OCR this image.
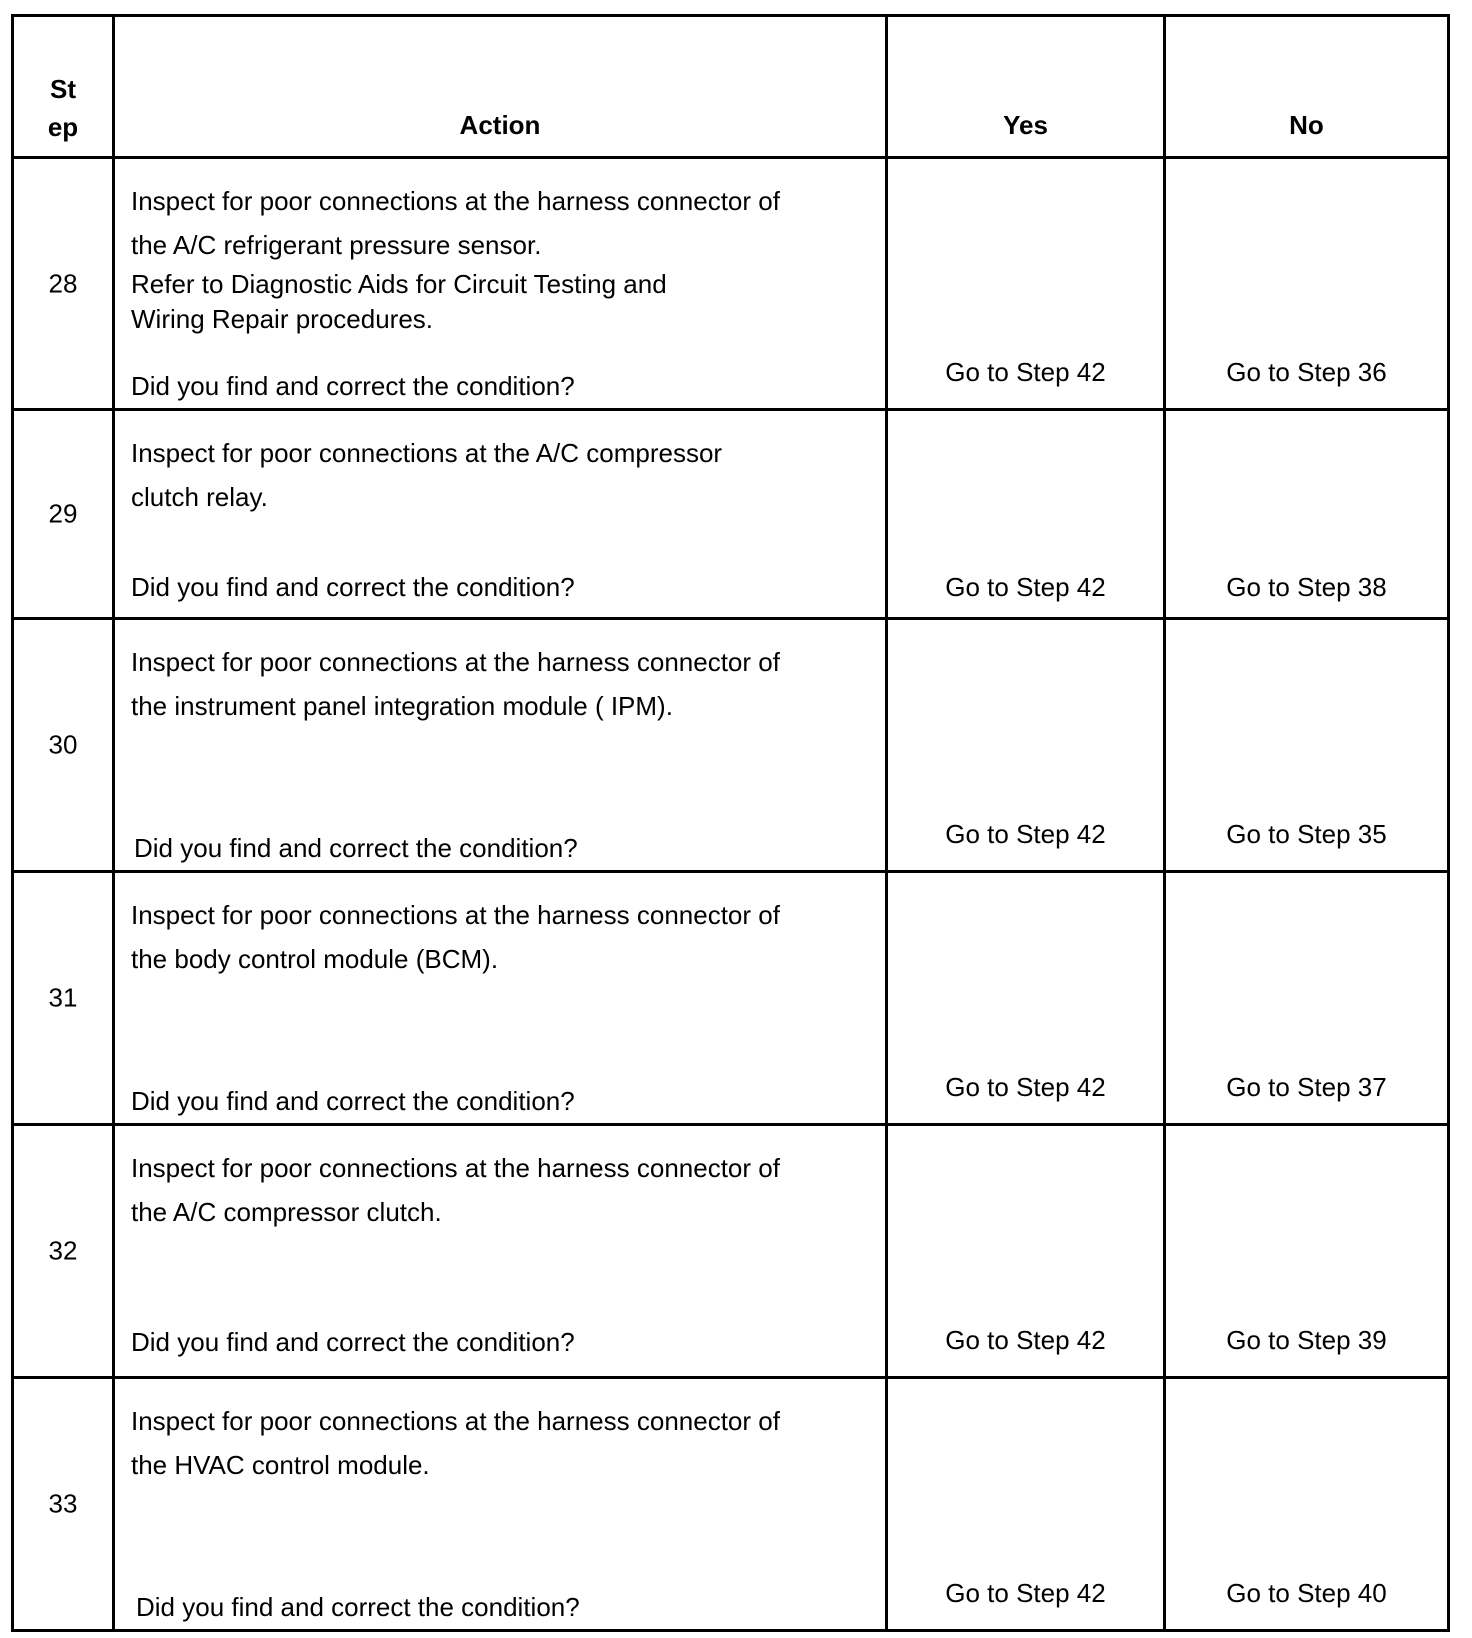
St
ep	Action	Yes	No

28	Inspect for poor connections at the harness connector of
the A/C refrigerant pressure sensor.
Refer to Diagnostic Aids for Circuit Testing and
Wiring Repair procedures.
Did you find and correct the condition?	Go to Step 42	Go to Step 36

29	Inspect for poor connections at the A/C compressor
clutch relay.
Did you find and correct the condition?	Go to Step 42	Go to Step 38

30	Inspect for poor connections at the harness connector of
the instrument panel integration module ( IPM).
Did you find and correct the condition?	Go to Step 42	Go to Step 35

31	Inspect for poor connections at the harness connector of
the body control module (BCM).
Did you find and correct the condition?	Go to Step 42	Go to Step 37

32	Inspect for poor connections at the harness connector of
the A/C compressor clutch.
Did you find and correct the condition?	Go to Step 42	Go to Step 39

33	Inspect for poor connections at the harness connector of
the HVAC control module.
Did you find and correct the condition?	Go to Step 42	Go to Step 40
